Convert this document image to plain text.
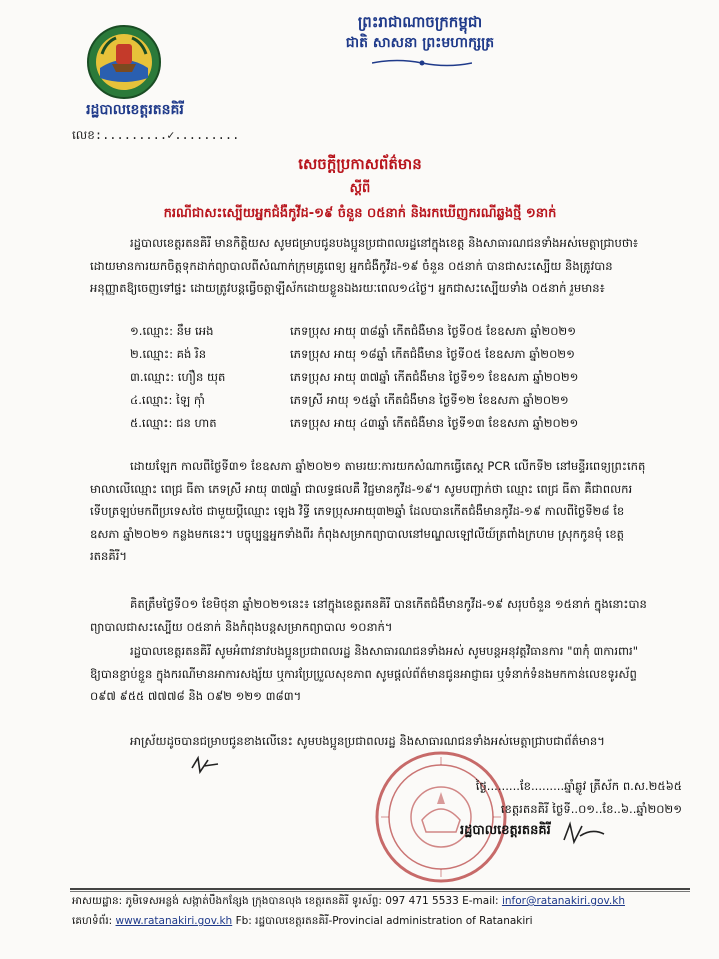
ព្រះរាជាណាចក្រកម្ពុជា
ជាតិ សាសនា ព្រះមហាក្សត្រ
រដ្ឋបាលខេត្តរតនគិរី
លេខ:.........✓.........
សេចក្តីប្រកាសព័ត៌មាន
ស្តីពី
ករណីជាសះស្បើយអ្នកជំងឺកូវីដ-១៩ ចំនួន ០៥នាក់ និងរកឃើញករណីឆ្លងថ្មី ១នាក់
រដ្ឋបាលខេត្តរតនគិរី មានកិត្តិយស សូមជម្រាបជូនបងប្អូនប្រជាពលរដ្ឋនៅក្នុងខេត្ត និងសាធារណជនទាំងអស់មេត្តាជ្រាបថា៖ ដោយមានការយកចិត្តទុកដាក់ព្យាបាលពីសំណាក់ក្រុមគ្រូពេទ្យ អ្នកជំងឺកូវីដ-១៩ ចំនួន ០៥នាក់ បានជាសះស្បើយ និងត្រូវបានអនុញ្ញាតឱ្យចេញទៅផ្ទះ ដោយត្រូវបន្តធ្វើចត្តាឡីស័កដោយខ្លួនឯងរយៈពេល១៤ថ្ងៃ។ អ្នកជាសះស្បើយទាំង ០៥នាក់ រួមមាន៖
១.ឈ្មោះ: នឹម អេង	ភេទប្រុស អាយុ ៣៨ឆ្នាំ កើតជំងឺមាន ថ្ងៃទី០៥ ខែឧសភា ឆ្នាំ២០២១
២.ឈ្មោះ: គង់ រិន	ភេទប្រុស អាយុ ១៨ឆ្នាំ កើតជំងឺមាន ថ្ងៃទី០៥ ខែឧសភា ឆ្នាំ២០២១
៣.ឈ្មោះ: ហឿន យុត	ភេទប្រុស អាយុ ៣៧ឆ្នាំ កើតជំងឺមាន ថ្ងៃទី១១ ខែឧសភា ឆ្នាំ២០២១
៤.ឈ្មោះ: ឡៃ ក៉ាំ	ភេទស្រី អាយុ ១៥ឆ្នាំ កើតជំងឺមាន ថ្ងៃទី១២ ខែឧសភា ឆ្នាំ២០២១
៥.ឈ្មោះ: ជន ហាត	ភេទប្រុស អាយុ ៤៣ឆ្នាំ កើតជំងឺមាន ថ្ងៃទី១៣ ខែឧសភា ឆ្នាំ២០២១
ដោយឡែក កាលពីថ្ងៃទី៣១ ខែឧសភា ឆ្នាំ២០២១ តាមរយៈការយកសំណាកធ្វើតេស្ត PCR លើកទី២ នៅមន្ទីរពេទ្យព្រះកេតុមាលាលើឈ្មោះ ពេជ្រ ធីតា ភេទស្រី អាយុ ៣៧ឆ្នាំ ជាលទ្ធផលគឺ វិជ្ជមានកូវីដ-១៩។ សូមបញ្ជាក់ថា ឈ្មោះ ពេជ្រ ធីតា គឺជាពលករទើបត្រឡប់មកពីប្រទេសថៃ ជាមួយប្តីឈ្មោះ ឡេង វិទ្ធី ភេទប្រុសអាយុ៣២ឆ្នាំ ដែលបានកើតជំងឺមានកូវីដ-១៩ កាលពីថ្ងៃទី២៨ ខែឧសភា ឆ្នាំ២០២១ កន្លងមកនេះ។ បច្ចុប្បន្នអ្នកទាំងពីរ កំពុងសម្រាកព្យាបាលនៅមណ្ឌលឡៅលីយ៍ត្រពាំងក្រហម ស្រុកកូនមុំ ខេត្តរតនគិរី។
គិតត្រឹមថ្ងៃទី០១ ខែមិថុនា ឆ្នាំ២០២១នេះ៖ នៅក្នុងខេត្តរតនគិរី បានកើតជំងឺមានកូវីដ-១៩ សរុបចំនួន ១៥នាក់ ក្នុងនោះបានព្យាបាលជាសះស្បើយ ០៥នាក់ និងកំពុងបន្តសម្រាកព្យាបាល ១០នាក់។
រដ្ឋបាលខេត្តរតនគិរី សូមអំពាវនាវបងប្អូនប្រជាពលរដ្ឋ និងសាធារណជនទាំងអស់ សូមបន្តអនុវត្តវិធានការ "៣កុំ ៣ការពារ" ឱ្យបានខ្ជាប់ខ្ជួន ក្នុងករណីមានអាការសង្ស័យ ឬការប្រែប្រួលសុខភាព សូមផ្តល់ព័ត៌មានជូនអាជ្ញាធរ ឬទំនាក់ទំនងមកកាន់លេខទូរស័ព្ទ ០៩៧ ៩៥៥ ៧៧៧៨ និង ០៩២ ១២១ ៣៨៣។
អាស្រ័យដូចបានជម្រាបជូនខាងលើនេះ សូមបងប្អូនប្រជាពលរដ្ឋ និងសាធារណជនទាំងអស់មេត្តាជ្រាបជាព័ត៌មាន។
ថ្ងៃ.........ខែ.........ឆ្នាំឆ្លូវ ត្រីស័ក ព.ស.២៥៦៥
ខេត្តរតនគិរី ថ្ងៃទី..០១..ខែ..៦..ឆ្នាំ២០២១
រដ្ឋបាលខេត្តរតនគិរី
អាសយដ្ឋាន: ភូមិទេសអន្លង់ សង្កាត់បឹងកន្សែង ក្រុងបានលុង ខេត្តរតនគិរី ទូរស័ព្ទ: 097 471 5533 E-mail: infor@ratanakiri.gov.kh
គេហទំព័រ: www.ratanakiri.gov.kh Fb: រដ្ឋបាលខេត្តរតនគិរី-Provincial administration of Ratanakiri
